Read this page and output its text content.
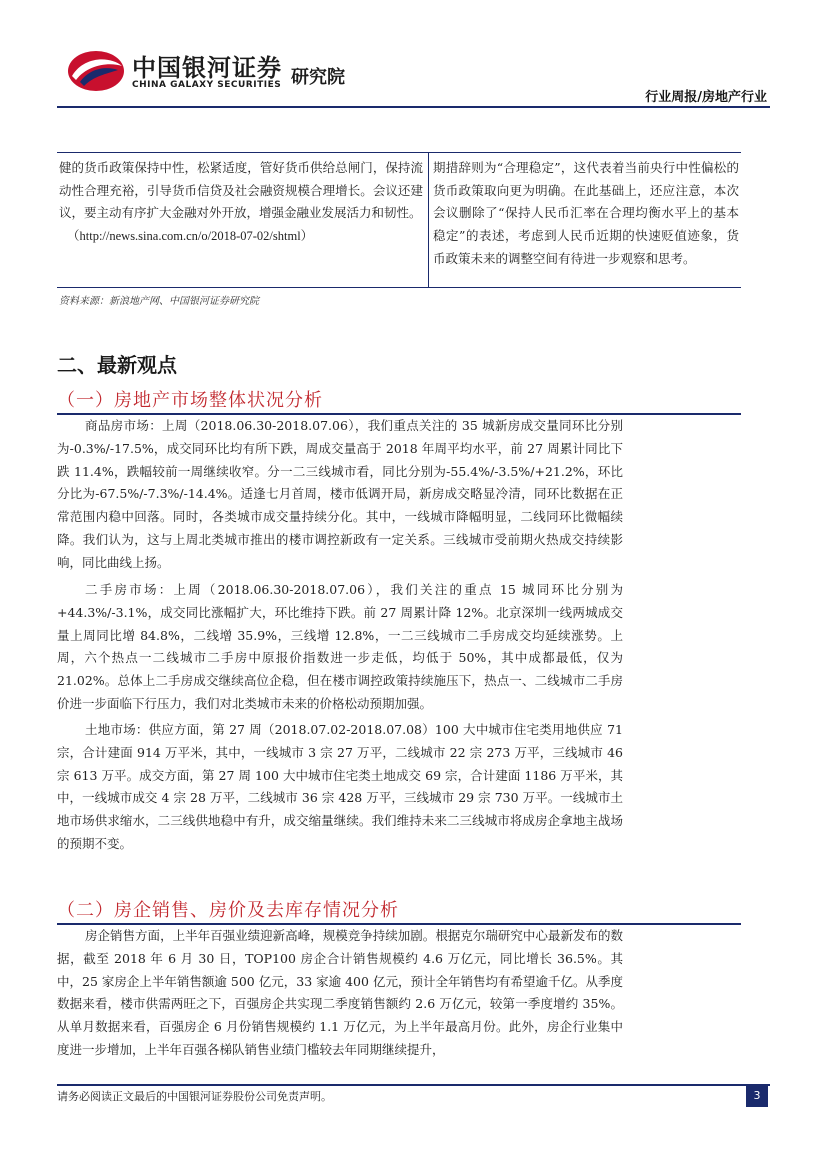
中国银河证券
CHINA GALAXY SECURITIES 研究院
行业周报/房地产行业
健的货币政策保持中性，松紧适度，管好货币供给总闸门，保持流动性合理充裕，引导货币信贷及社会融资规模合理增长。会议还建议，要主动有序扩大金融对外开放，增强金融业发展活力和韧性。
（http://news.sina.com.cn/o/2018-07-02/shtml）
期措辞则为“合理稳定”，这代表着当前央行中性偏松的货币政策取向更为明确。在此基础上，还应注意，本次会议删除了“保持人民币汇率在合理均衡水平上的基本稳定”的表述，考虑到人民币近期的快速贬值迹象，货币政策未来的调整空间有待进一步观察和思考。
资料来源：新浪地产网、中国银河证券研究院
二、最新观点
（一）房地产市场整体状况分析
商品房市场：上周（2018.06.30-2018.07.06），我们重点关注的 35 城新房成交量同环比分别为-0.3%/-17.5%，成交同环比均有所下跌，周成交量高于 2018 年周平均水平，前 27 周累计同比下跌 11.4%，跌幅较前一周继续收窄。分一二三线城市看，同比分别为-55.4%/-3.5%/+21.2%，环比分比为-67.5%/-7.3%/-14.4%。适逢七月首周，楼市低调开局，新房成交略显冷清，同环比数据在正常范围内稳中回落。同时，各类城市成交量持续分化。其中，一线城市降幅明显，二线同环比微幅续降。我们认为，这与上周北类城市推出的楼市调控新政有一定关系。三线城市受前期火热成交持续影响，同比曲线上扬。
二手房市场：上周（2018.06.30-2018.07.06），我们关注的重点 15 城同环比分别为+44.3%/-3.1%，成交同比涨幅扩大，环比维持下跌。前 27 周累计降 12%。北京深圳一线两城成交量上周同比增 84.8%，二线增 35.9%，三线增 12.8%，一二三线城市二手房成交均延续涨势。上周，六个热点一二线城市二手房中原报价指数进一步走低，均低于 50%，其中成都最低，仅为 21.02%。总体上二手房成交继续高位企稳，但在楼市调控政策持续施压下，热点一、二线城市二手房价进一步面临下行压力，我们对北类城市未来的价格松动预期加强。
土地市场：供应方面，第 27 周（2018.07.02-2018.07.08）100 大中城市住宅类用地供应 71 宗，合计建面 914 万平米，其中，一线城市 3 宗 27 万平，二线城市 22 宗 273 万平，三线城市 46 宗 613 万平。成交方面，第 27 周 100 大中城市住宅类土地成交 69 宗，合计建面 1186 万平米，其中，一线城市成交 4 宗 28 万平，二线城市 36 宗 428 万平，三线城市 29 宗 730 万平。一线城市土地市场供求缩水，二三线供地稳中有升，成交缩量继续。我们维持未来二三线城市将成房企拿地主战场的预期不变。
（二）房企销售、房价及去库存情况分析
房企销售方面，上半年百强业绩迎新高峰，规模竞争持续加剧。根据克尔瑞研究中心最新发布的数据，截至 2018 年 6 月 30 日，TOP100 房企合计销售规模约 4.6 万亿元，同比增长 36.5%。其中，25 家房企上半年销售额逾 500 亿元，33 家逾 400 亿元，预计全年销售均有希望逾千亿。从季度数据来看，楼市供需两旺之下，百强房企共实现二季度销售额约 2.6 万亿元，较第一季度增约 35%。从单月数据来看，百强房企 6 月份销售规模约 1.1 万亿元，为上半年最高月份。此外，房企行业集中度进一步增加，上半年百强各梯队销售业绩门槛较去年同期继续提升，
请务必阅读正文最后的中国银河证券股份公司免责声明。	3
